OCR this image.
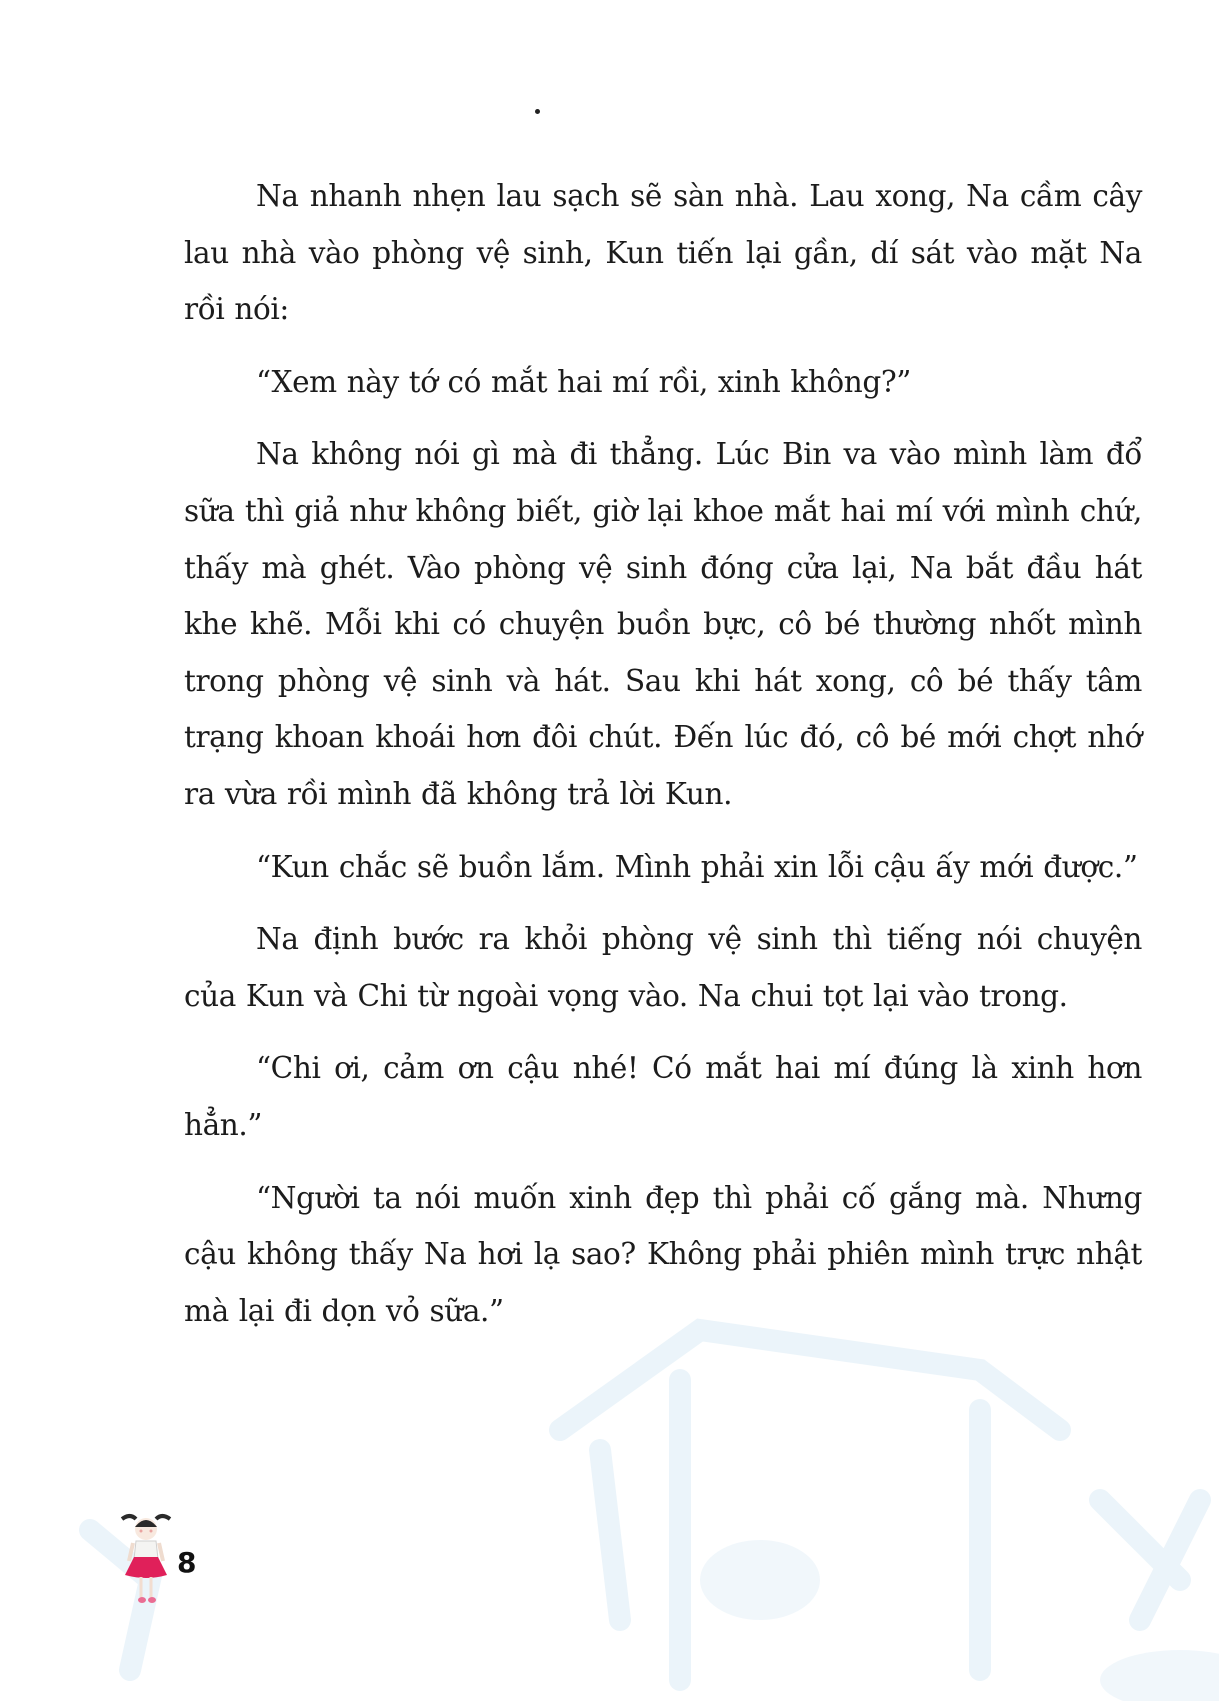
Na nhanh nhẹn lau sạch sẽ sàn nhà. Lau xong, Na cầm cây lau nhà vào phòng vệ sinh, Kun tiến lại gần, dí sát vào mặt Na rồi nói:

“Xem này tớ có mắt hai mí rồi, xinh không?”

Na không nói gì mà đi thẳng. Lúc Bin va vào mình làm đổ sữa thì giả như không biết, giờ lại khoe mắt hai mí với mình chứ, thấy mà ghét. Vào phòng vệ sinh đóng cửa lại, Na bắt đầu hát khe khẽ. Mỗi khi có chuyện buồn bực, cô bé thường nhốt mình trong phòng vệ sinh và hát. Sau khi hát xong, cô bé thấy tâm trạng khoan khoái hơn đôi chút. Đến lúc đó, cô bé mới chợt nhớ ra vừa rồi mình đã không trả lời Kun.

“Kun chắc sẽ buồn lắm. Mình phải xin lỗi cậu ấy mới được.”

Na định bước ra khỏi phòng vệ sinh thì tiếng nói chuyện của Kun và Chi từ ngoài vọng vào. Na chui tọt lại vào trong.

“Chi ơi, cảm ơn cậu nhé! Có mắt hai mí đúng là xinh hơn hẳn.”

“Người ta nói muốn xinh đẹp thì phải cố gắng mà. Nhưng cậu không thấy Na hơi lạ sao? Không phải phiên mình trực nhật mà lại đi dọn vỏ sữa.”

8
